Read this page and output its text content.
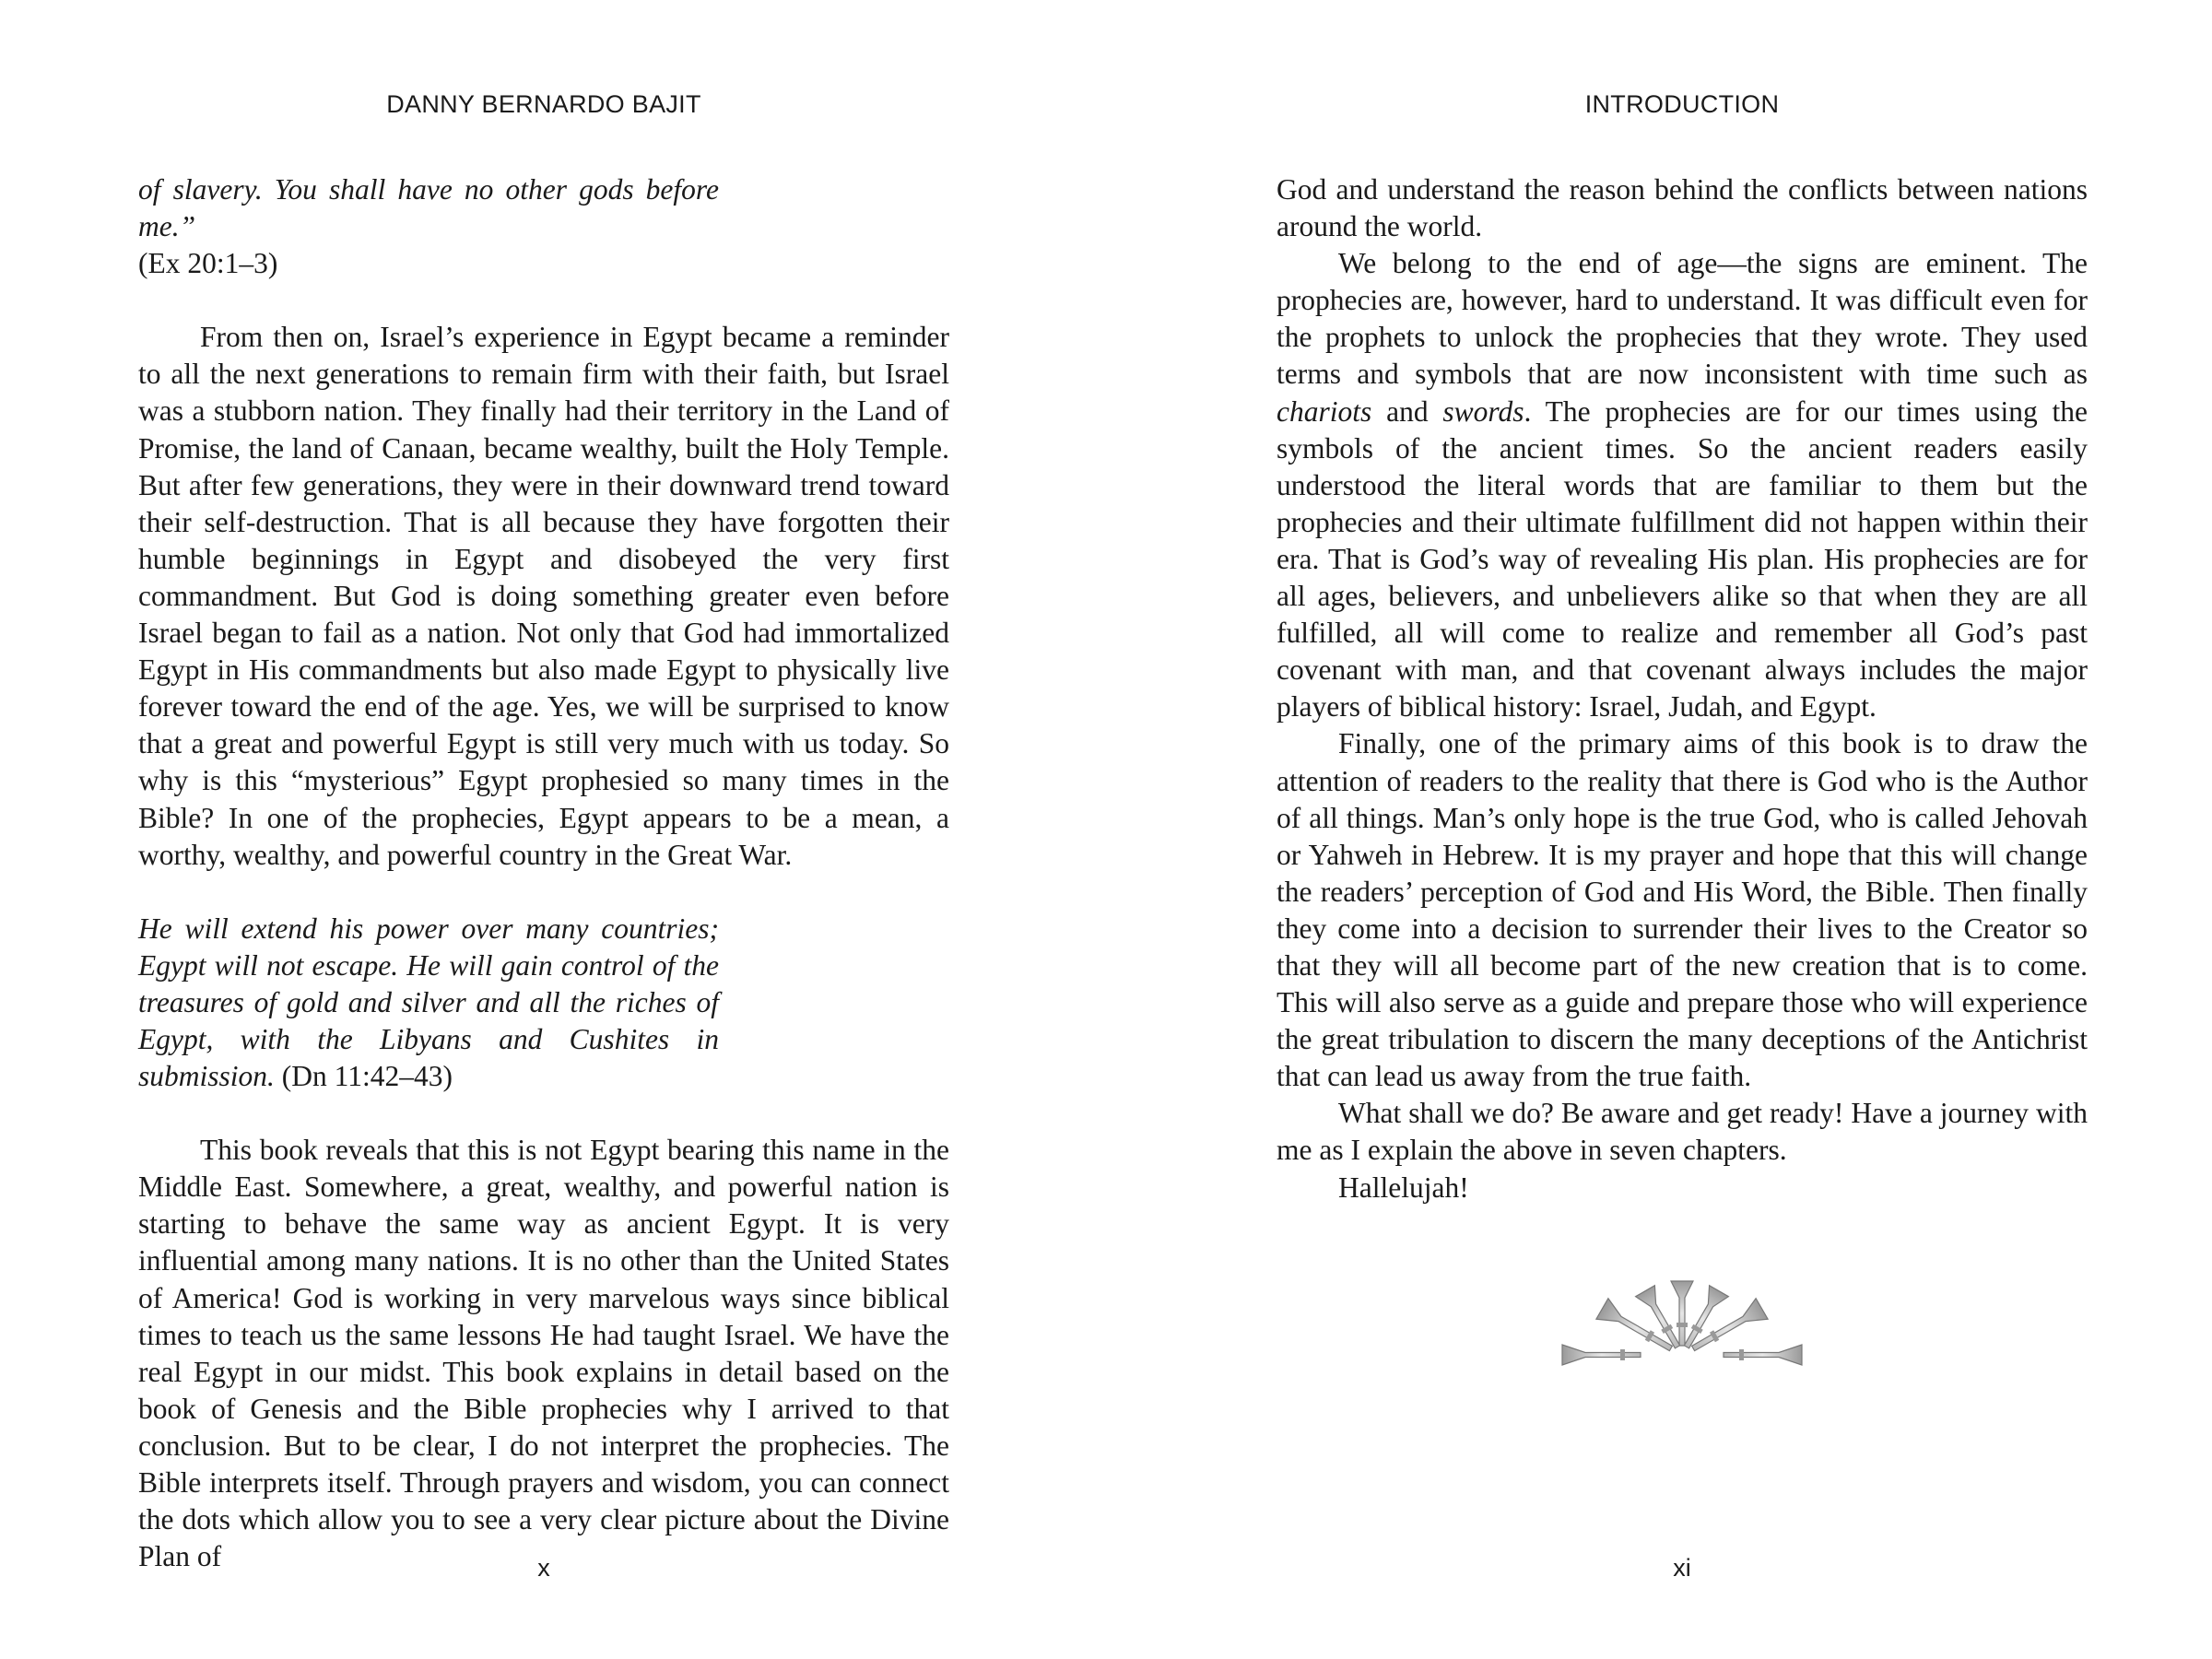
DANNY BERNARDO BAJIT

of slavery. You shall have no other gods before me.”

(Ex 20:1–3)

From then on, Israel’s experience in Egypt became a reminder to all the next generations to remain firm with their faith, but Israel was a stubborn nation. They finally had their territory in the Land of Promise, the land of Canaan, became wealthy, built the Holy Temple. But after few generations, they were in their downward trend toward their self-destruction. That is all because they have forgotten their humble beginnings in Egypt and disobeyed the very first commandment. But God is doing something greater even before Israel began to fail as a nation. Not only that God had immortalized Egypt in His commandments but also made Egypt to physically live forever toward the end of the age. Yes, we will be surprised to know that a great and powerful Egypt is still very much with us today. So why is this “mysterious” Egypt prophesied so many times in the Bible? In one of the prophecies, Egypt appears to be a mean, a worthy, wealthy, and powerful country in the Great War.

He will extend his power over many countries; Egypt will not escape. He will gain control of the treasures of gold and silver and all the riches of Egypt, with the Libyans and Cushites in submission. (Dn 11:42–43)

This book reveals that this is not Egypt bearing this name in the Middle East. Somewhere, a great, wealthy, and powerful nation is starting to behave the same way as ancient Egypt. It is very influential among many nations. It is no other than the United States of America! God is working in very marvelous ways since biblical times to teach us the same lessons He had taught Israel. We have the real Egypt in our midst. This book explains in detail based on the book of Genesis and the Bible prophecies why I arrived to that conclusion. But to be clear, I do not interpret the prophecies. The Bible interprets itself. Through prayers and wisdom, you can connect the dots which allow you to see a very clear picture about the Divine Plan of	x
INTRODUCTION

God and understand the reason behind the conflicts between nations around the world.

We belong to the end of age—the signs are eminent. The prophecies are, however, hard to understand. It was difficult even for the prophets to unlock the prophecies that they wrote. They used terms and symbols that are now inconsistent with time such as chariots and swords. The prophecies are for our times using the symbols of the ancient times. So the ancient readers easily understood the literal words that are familiar to them but the prophecies and their ultimate fulfillment did not happen within their era. That is God’s way of revealing His plan. His prophecies are for all ages, believers, and unbelievers alike so that when they are all fulfilled, all will come to realize and remember all God’s past covenant with man, and that covenant always includes the major players of biblical history: Israel, Judah, and Egypt.

Finally, one of the primary aims of this book is to draw the attention of readers to the reality that there is God who is the Author of all things. Man’s only hope is the true God, who is called Jehovah or Yahweh in Hebrew. It is my prayer and hope that this will change the readers’ perception of God and His Word, the Bible. Then finally they come into a decision to surrender their lives to the Creator so that they will all become part of the new creation that is to come. This will also serve as a guide and prepare those who will experience the great tribulation to discern the many deceptions of the Antichrist that can lead us away from the true faith.

What shall we do? Be aware and get ready! Have a journey with me as I explain the above in seven chapters.

Hallelujah!

xi
